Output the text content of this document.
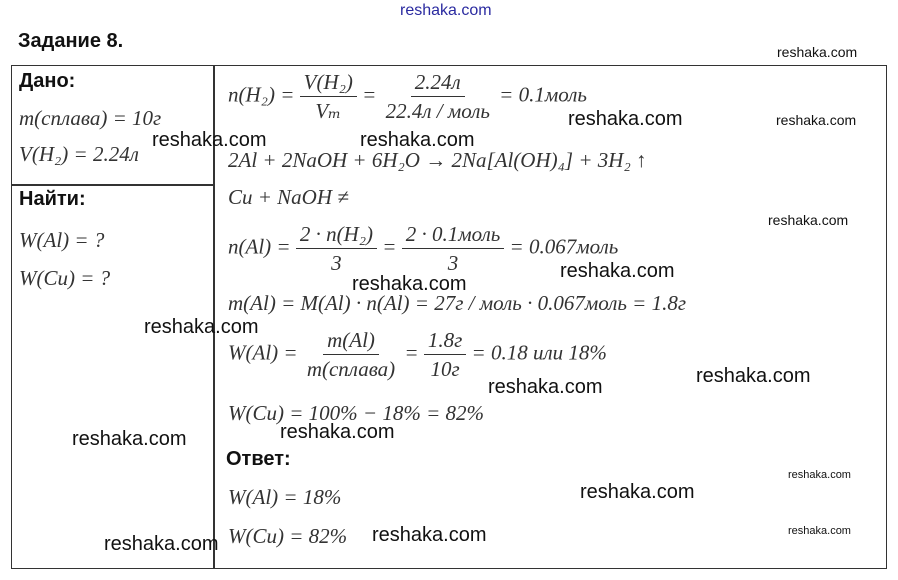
reshaka.com
Задание 8.
Дано:
m(сплава) = 10г
V(H₂) = 2.24л
Найти:
W(Al) = ?
W(Cu) = ?
$n(H_2) = \frac{\text{V(H₂)}}{\text{Vₘ}} = \frac{2.24л}{\text{22.4л / моль}}$ = 0.1моль
2Al + 2NaOH + 6H₂O → 2Na[Al(OH)₄] + 3H₂ ↑
Cu + NaOH ≠
$n(Al) = \frac{\text{2 · n(H₂)}}{3} = \frac{\text{2 · 0.1моль}}{3}$ = 0.067моль
m(Al) = M(Al) · n(Al) = 27г / моль · 0.067моль = 1.8г
$W(Al) = \frac{m(Al)}{\text{m(сплава)}} = \frac{1.8г}{10г} = 0.18$ или 18%
W(Cu) = 100% − 18% = 82%
Ответ:
W(Al) = 18%
W(Cu) = 82%
reshaka.com
reshaka.com	reshaka.com
reshaka.com	reshaka.com
reshaka.com
reshaka.com
reshaka.com
reshaka.com
reshaka.com
reshaka.com
reshaka.com	reshaka.com
reshaka.com
reshaka.com
reshaka.com	reshaka.com	reshaka.com
